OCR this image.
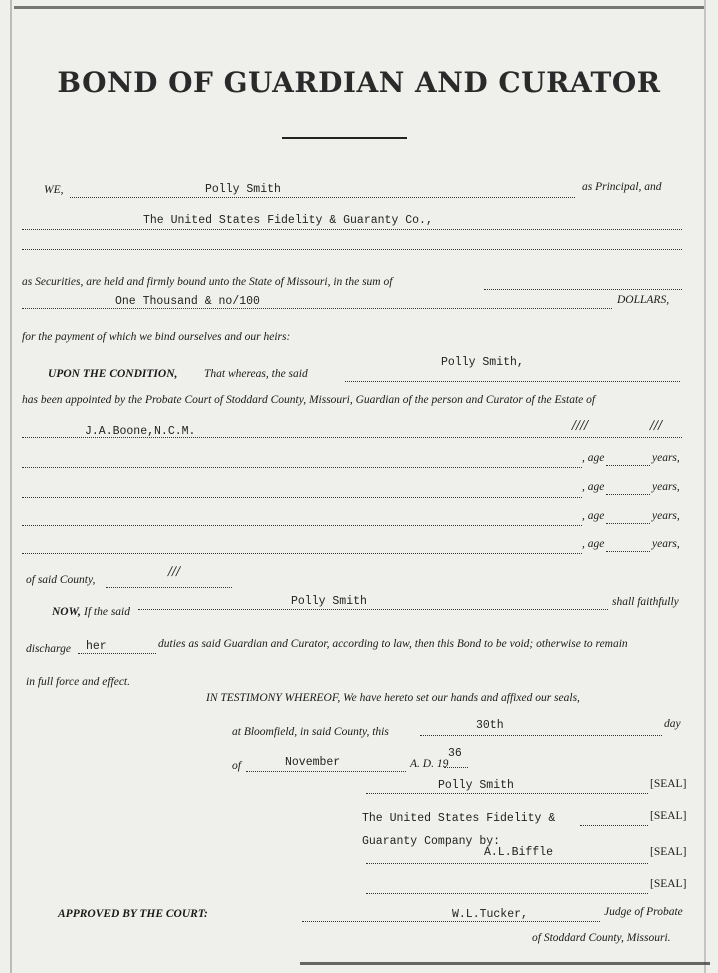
BOND OF GUARDIAN AND CURATOR
WE,	Polly Smith	as Principal, and
The United States Fidelity & Guaranty Co.,
as Securities, are held and firmly bound unto the State of Missouri, in the sum of
One Thousand & no/100	DOLLARS,
for the payment of which we bind ourselves and our heirs:
UPON THE CONDITION, That whereas, the said
Polly Smith,
has been appointed by the Probate Court of Stoddard County, Missouri, Guardian of the person and Curator of the Estate of
J.A.Boone,N.C.M.	/∕∕/	∕∕/
, age	years,
, age	years,
, age	years,
, age	years,
of said County,
∕∕∕
NOW, If the said
Polly Smith	shall faithfully
discharge her	duties as said Guardian and Curator, according to law, then this Bond to be void; otherwise to remain
in full force and effect.
IN TESTIMONY WHEREOF, We have hereto set our hands and affixed our seals,
at Bloomfield, in said County, this	30th	day
of	November	A. D. 19
36
Polly Smith	[SEAL]
The United States Fidelity &	[SEAL]
Guaranty Company by:
A.L.Biffle	[SEAL]
[SEAL]
APPROVED BY THE COURT:	W.L.Tucker,	Judge of Probate
of Stoddard County, Missouri.
